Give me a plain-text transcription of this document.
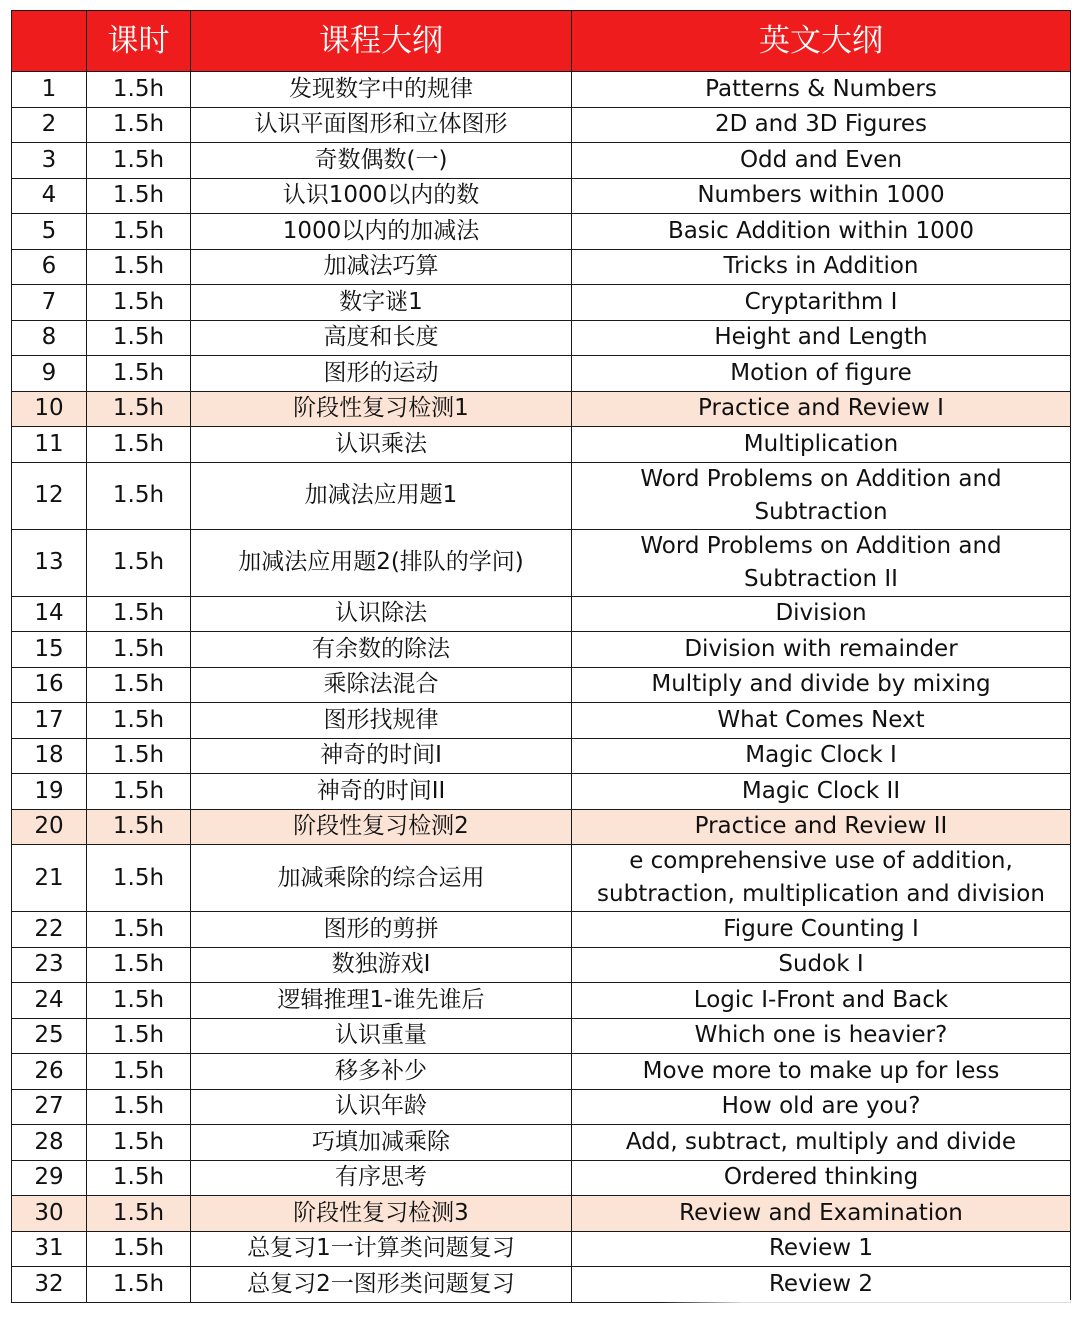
	课时	课程大纲	英文大纲
1	1.5h	发现数字中的规律	Patterns & Numbers
2	1.5h	认识平面图形和立体图形	2D and 3D Figures
3	1.5h	奇数偶数(一)	Odd and Even
4	1.5h	认识1000以内的数	Numbers within 1000
5	1.5h	1000以内的加减法	Basic Addition within 1000
6	1.5h	加减法巧算	Tricks in Addition
7	1.5h	数字谜1	Cryptarithm I
8	1.5h	高度和长度	Height and Length
9	1.5h	图形的运动	Motion of figure
10	1.5h	阶段性复习检测1	Practice and Review I
11	1.5h	认识乘法	Multiplication
12	1.5h	加减法应用题1	Word Problems on Addition and Subtraction
13	1.5h	加减法应用题2(排队的学问)	Word Problems on Addition and Subtraction II
14	1.5h	认识除法	Division
15	1.5h	有余数的除法	Division with remainder
16	1.5h	乘除法混合	Multiply and divide by mixing
17	1.5h	图形找规律	What Comes Next
18	1.5h	神奇的时间I	Magic Clock I
19	1.5h	神奇的时间II	Magic Clock II
20	1.5h	阶段性复习检测2	Practice and Review II
21	1.5h	加减乘除的综合运用	e comprehensive use of addition, subtraction, multiplication and division
22	1.5h	图形的剪拼	Figure Counting I
23	1.5h	数独游戏I	Sudok I
24	1.5h	逻辑推理1-谁先谁后	Logic I-Front and Back
25	1.5h	认识重量	Which one is heavier?
26	1.5h	移多补少	Move more to make up for less
27	1.5h	认识年龄	How old are you?
28	1.5h	巧填加减乘除	Add, subtract, multiply and divide
29	1.5h	有序思考	Ordered thinking
30	1.5h	阶段性复习检测3	Review and Examination
31	1.5h	总复习1一计算类问题复习	Review 1
32	1.5h	总复习2一图形类问题复习	Review 2
